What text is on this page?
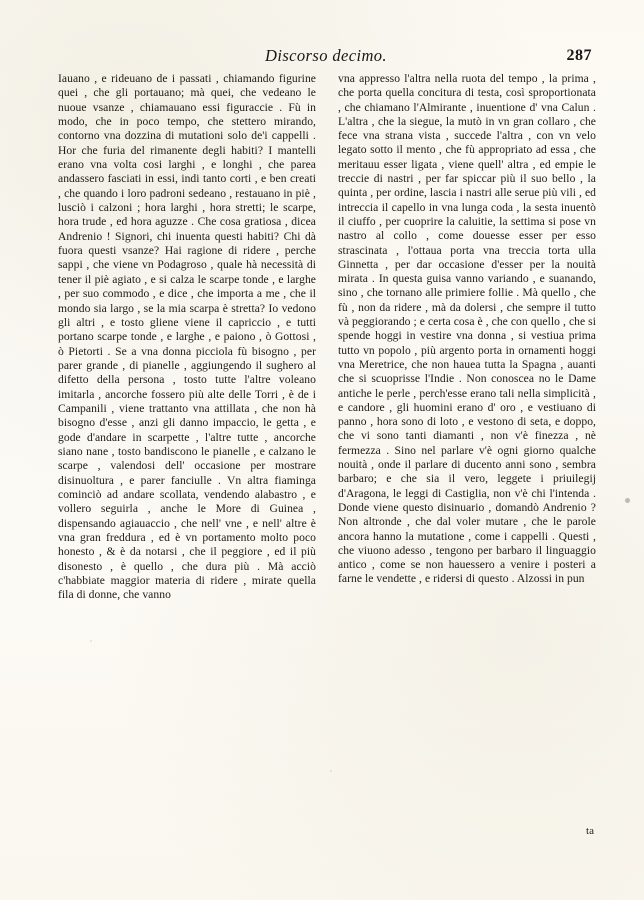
Discorso decimo.	287
Iauano , e rideuano de i passati , chiamando figurine quei , che gli portauano; mà quei, che vedeano le nuoue vsanze , chiamauano essi figuraccie . Fù in modo, che in poco tempo, che stettero mirando, contorno vna dozzina di mutationi solo de'i cappelli . Hor che furia del rimanente degli habiti? I mantelli erano vna volta cosi larghi , e longhi , che parea andassero fasciati in essi, indi tanto corti , e ben creati , che quando i loro padroni sedeano , restauano in piè , lusciò i calzoni ; hora larghi , hora stretti; le scarpe, hora trude , ed hora aguzze . Che cosa gratiosa , dicea Andrenio ! Signori, chi inuenta questi habiti? Chi dà fuora questi vsanze? Hai ragione di ridere , perche sappi , che viene vn Podagroso , quale hà necessità di tener il piè agiato , e si calza le scarpe tonde , e larghe , per suo commodo , e dice , che importa a me , che il mondo sia largo , se la mia scarpa è stretta? Io vedono gli altri , e tosto gliene viene il capriccio , e tutti portano scarpe tonde , e larghe , e paiono , ò Gottosi , ò Pietorti . Se a vna donna picciola fù bisogno , per parer grande , di pianelle , aggiungendo il sughero al difetto della persona , tosto tutte l'altre voleano imitarla , ancorche fossero più alte delle Torri , è de i Campanili , viene trattanto vna attillata , che non hà bisogno d'esse , anzi gli danno impaccio, le getta , e gode d'andare in scarpette , l'altre tutte , ancorche siano nane , tosto bandiscono le pianelle , e calzano le scarpe , valendosi dell' occasione per mostrare disinuoltura , e parer fanciulle . Vn altra fiaminga cominciò ad andare scollata, vendendo alabastro , e vollero seguirla , anche le More di Guinea , dispensando agiauaccio , che nell' vne , e nell' altre è vna gran freddura , ed è vn portamento molto poco honesto , & è da notarsi , che il peggiore , ed il più disonesto , è quello , che dura più . Mà acciò c'habbiate maggior materia di ridere , mirate quella fila di donne, che vanno
vna appresso l'altra nella ruota del tempo , la prima , che porta quella concitura di testa, così sproportionata , che chiamano l'Almirante , inuentione d' vna Calun . L'altra , che la siegue, la mutò in vn gran collaro , che fece vna strana vista , succede l'altra , con vn velo legato sotto il mento , che fù appropriato ad essa , che meritauu esser ligata , viene quell' altra , ed empie le treccie di nastri , per far spiccar più il suo bello , la quinta , per ordine, lascia i nastri alle serue più vili , ed intreccia il capello in vna lunga coda , la sesta inuentò il ciuffo , per cuoprire la caluitie, la settima si pose vn nastro al collo , come douesse esser per esso strascinata , l'ottaua porta vna treccia torta ulla Ginnetta , per dar occasione d'esser per la nouità mirata . In questa guisa vanno variando , e suanando, sino , che tornano alle primiere follie . Mà quello , che fù , non da ridere , mà da dolersi , che sempre il tutto và peggiorando ; e certa cosa è , che con quello , che si spende hoggi in vestire vna donna , si vestiua prima tutto vn popolo , più argento porta in ornamenti hoggi vna Meretrice, che non hauea tutta la Spagna , auanti che si scuoprisse l'Indie . Non conoscea no le Dame antiche le perle , perch'esse erano tali nella simplicità , e candore , gli huomini erano d' oro , e vestiuano di panno , hora sono di loto , e vestono di seta, e doppo, che vi sono tanti diamanti , non v'è finezza , nè fermezza . Sino nel parlare v'è ogni giorno qualche nouità , onde il parlare di ducento anni sono , sembra barbaro; e che sia il vero, leggete i priuilegij d'Aragona, le leggi di Castiglia, non v'è chi l'intenda . Donde viene questo disinuario , domandò Andrenio ? Non altronde , che dal voler mutare , che le parole ancora hanno la mutatione , come i cappelli . Questi , che viuono adesso , tengono per barbaro il linguaggio antico , come se non hauessero a venire i posteri a farne le vendette , e ridersi di questo . Alzossi in pun
ta
